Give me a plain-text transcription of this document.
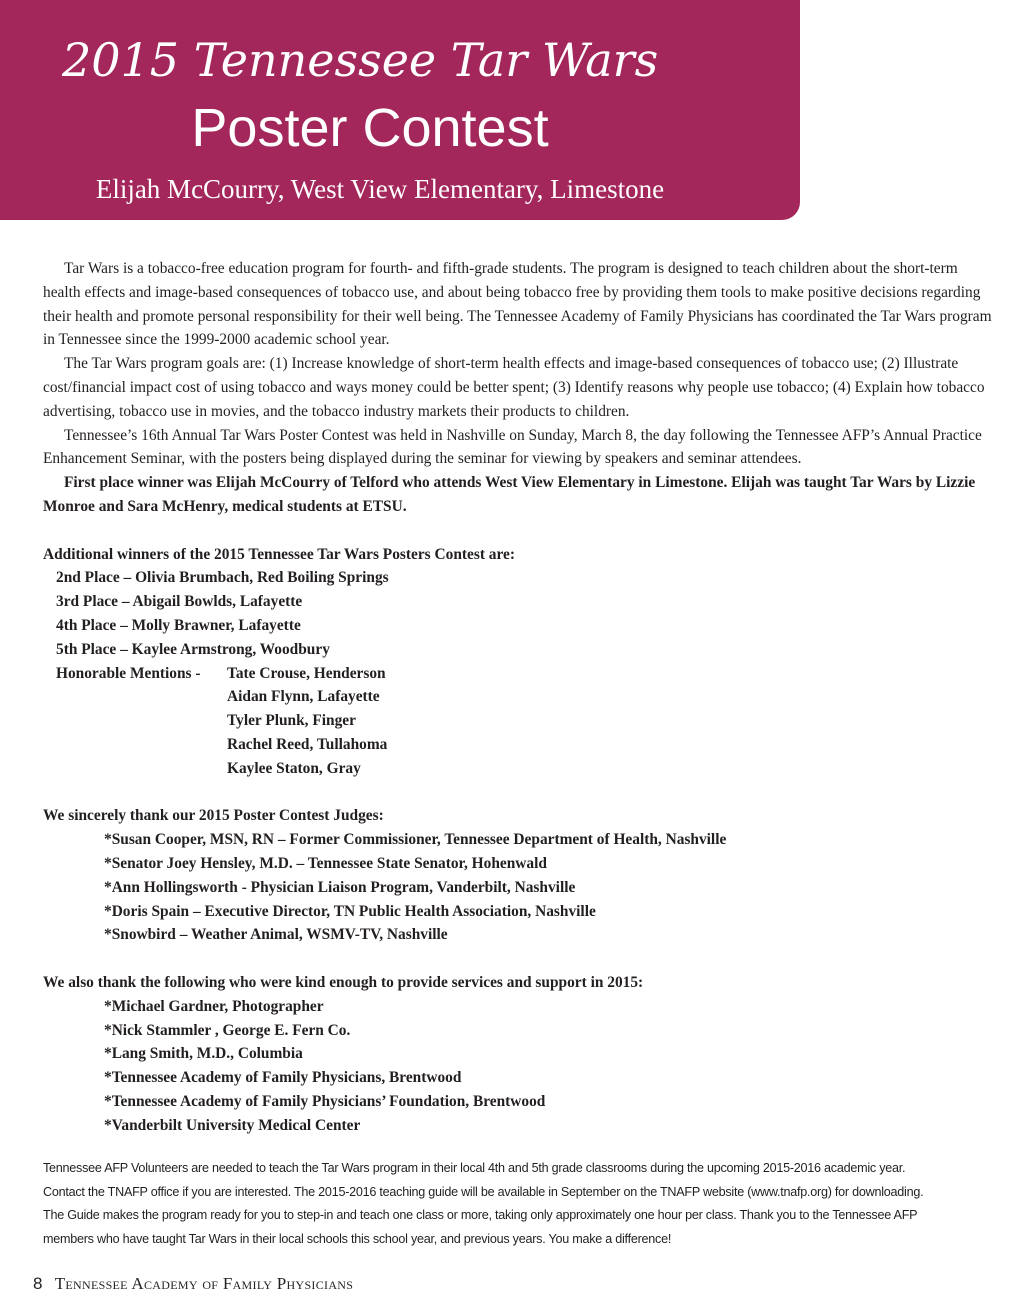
2015 Tennessee Tar Wars
Poster Contest
Elijah McCourry, West View Elementary, Limestone

Tar Wars is a tobacco-free education program for fourth- and fifth-grade students. The program is designed to teach children about the short-term health effects and image-based consequences of tobacco use, and about being tobacco free by providing them tools to make positive decisions regarding their health and promote personal responsibility for their well being. The Tennessee Academy of Family Physicians has coordinated the Tar Wars program in Tennessee since the 1999-2000 academic school year.

The Tar Wars program goals are: (1) Increase knowledge of short-term health effects and image-based consequences of tobacco use; (2) Illustrate cost/financial impact cost of using tobacco and ways money could be better spent; (3) Identify reasons why people use tobacco; (4) Explain how tobacco advertising, tobacco use in movies, and the tobacco industry markets their products to children.

Tennessee’s 16th Annual Tar Wars Poster Contest was held in Nashville on Sunday, March 8, the day following the Tennessee AFP’s Annual Practice Enhancement Seminar, with the posters being displayed during the seminar for viewing by speakers and seminar attendees.

First place winner was Elijah McCourry of Telford who attends West View Elementary in Limestone. Elijah was taught Tar Wars by Lizzie Monroe and Sara McHenry, medical students at ETSU.

Additional winners of the 2015 Tennessee Tar Wars Posters Contest are:

2nd Place – Olivia Brumbach, Red Boiling Springs
3rd Place – Abigail Bowlds, Lafayette
4th Place – Molly Brawner, Lafayette
5th Place – Kaylee Armstrong, Woodbury
Honorable Mentions -	Tate Crouse, Henderson
Aidan Flynn, Lafayette
Tyler Plunk, Finger
Rachel Reed, Tullahoma
Kaylee Staton, Gray

We sincerely thank our 2015 Poster Contest Judges:

*Susan Cooper, MSN, RN – Former Commissioner, Tennessee Department of Health, Nashville
*Senator Joey Hensley, M.D. – Tennessee State Senator, Hohenwald
*Ann Hollingsworth - Physician Liaison Program, Vanderbilt, Nashville
*Doris Spain – Executive Director, TN Public Health Association, Nashville
*Snowbird – Weather Animal, WSMV-TV, Nashville

We also thank the following who were kind enough to provide services and support in 2015:

*Michael Gardner, Photographer
*Nick Stammler , George E. Fern Co.
*Lang Smith, M.D., Columbia
*Tennessee Academy of Family Physicians, Brentwood
*Tennessee Academy of Family Physicians’ Foundation, Brentwood
*Vanderbilt University Medical Center

Tennessee AFP Volunteers are needed to teach the Tar Wars program in their local 4th and 5th grade classrooms during the upcoming 2015-2016 academic year.

Contact the TNAFP office if you are interested. The 2015-2016 teaching guide will be available in September on the TNAFP website (www.tnafp.org) for downloading.

The Guide makes the program ready for you to step-in and teach one class or more, taking only approximately one hour per class. Thank you to the Tennessee AFP

members who have taught Tar Wars in their local schools this school year, and previous years. You make a difference!

8 Tennessee Academy of Family Physicians
